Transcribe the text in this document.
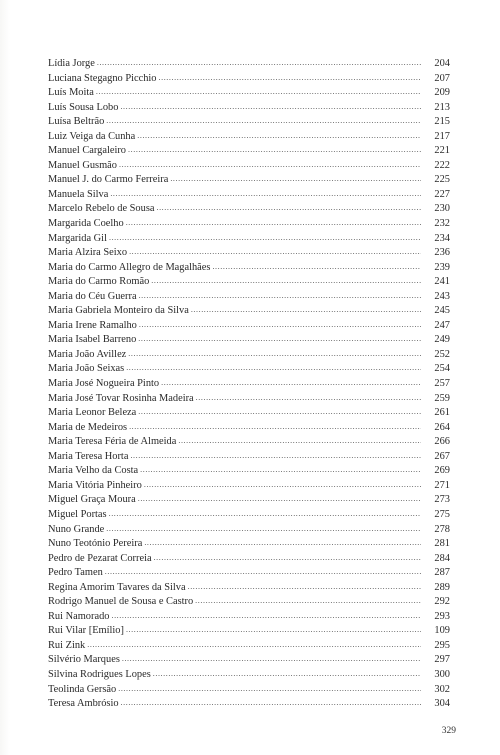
Lídia Jorge .....	204
Luciana Stegagno Picchio .....	207
Luís Moita .....	209
Luís Sousa Lobo .....	213
Luísa Beltrão .....	215
Luiz Veiga da Cunha .....	217
Manuel Cargaleiro .....	221
Manuel Gusmão .....	222
Manuel J. do Carmo Ferreira .....	225
Manuela Silva .....	227
Marcelo Rebelo de Sousa .....	230
Margarida Coelho .....	232
Margarida Gil .....	234
Maria Alzira Seixo .....	236
Maria do Carmo Allegro de Magalhães .....	239
Maria do Carmo Romão .....	241
Maria do Céu Guerra .....	243
Maria Gabriela Monteiro da Silva .....	245
Maria Irene Ramalho .....	247
Maria Isabel Barreno .....	249
Maria João Avillez .....	252
Maria João Seixas .....	254
Maria José Nogueira Pinto .....	257
Maria José Tovar Rosinha Madeira .....	259
Maria Leonor Beleza .....	261
Maria de Medeiros .....	264
Maria Teresa Féria de Almeida .....	266
Maria Teresa Horta .....	267
Maria Velho da Costa .....	269
Maria Vitória Pinheiro .....	271
Miguel Graça Moura .....	273
Miguel Portas .....	275
Nuno Grande .....	278
Nuno Teotónio Pereira .....	281
Pedro de Pezarat Correia .....	284
Pedro Tamen .....	287
Regina Amorim Tavares da Silva .....	289
Rodrigo Manuel de Sousa e Castro .....	292
Rui Namorado .....	293
Rui Vilar [Emílio] .....	109
Rui Zink .....	295
Silvério Marques .....	297
Silvina Rodrigues Lopes .....	300
Teolinda Gersão .....	302
Teresa Ambrósio .....	304
329
